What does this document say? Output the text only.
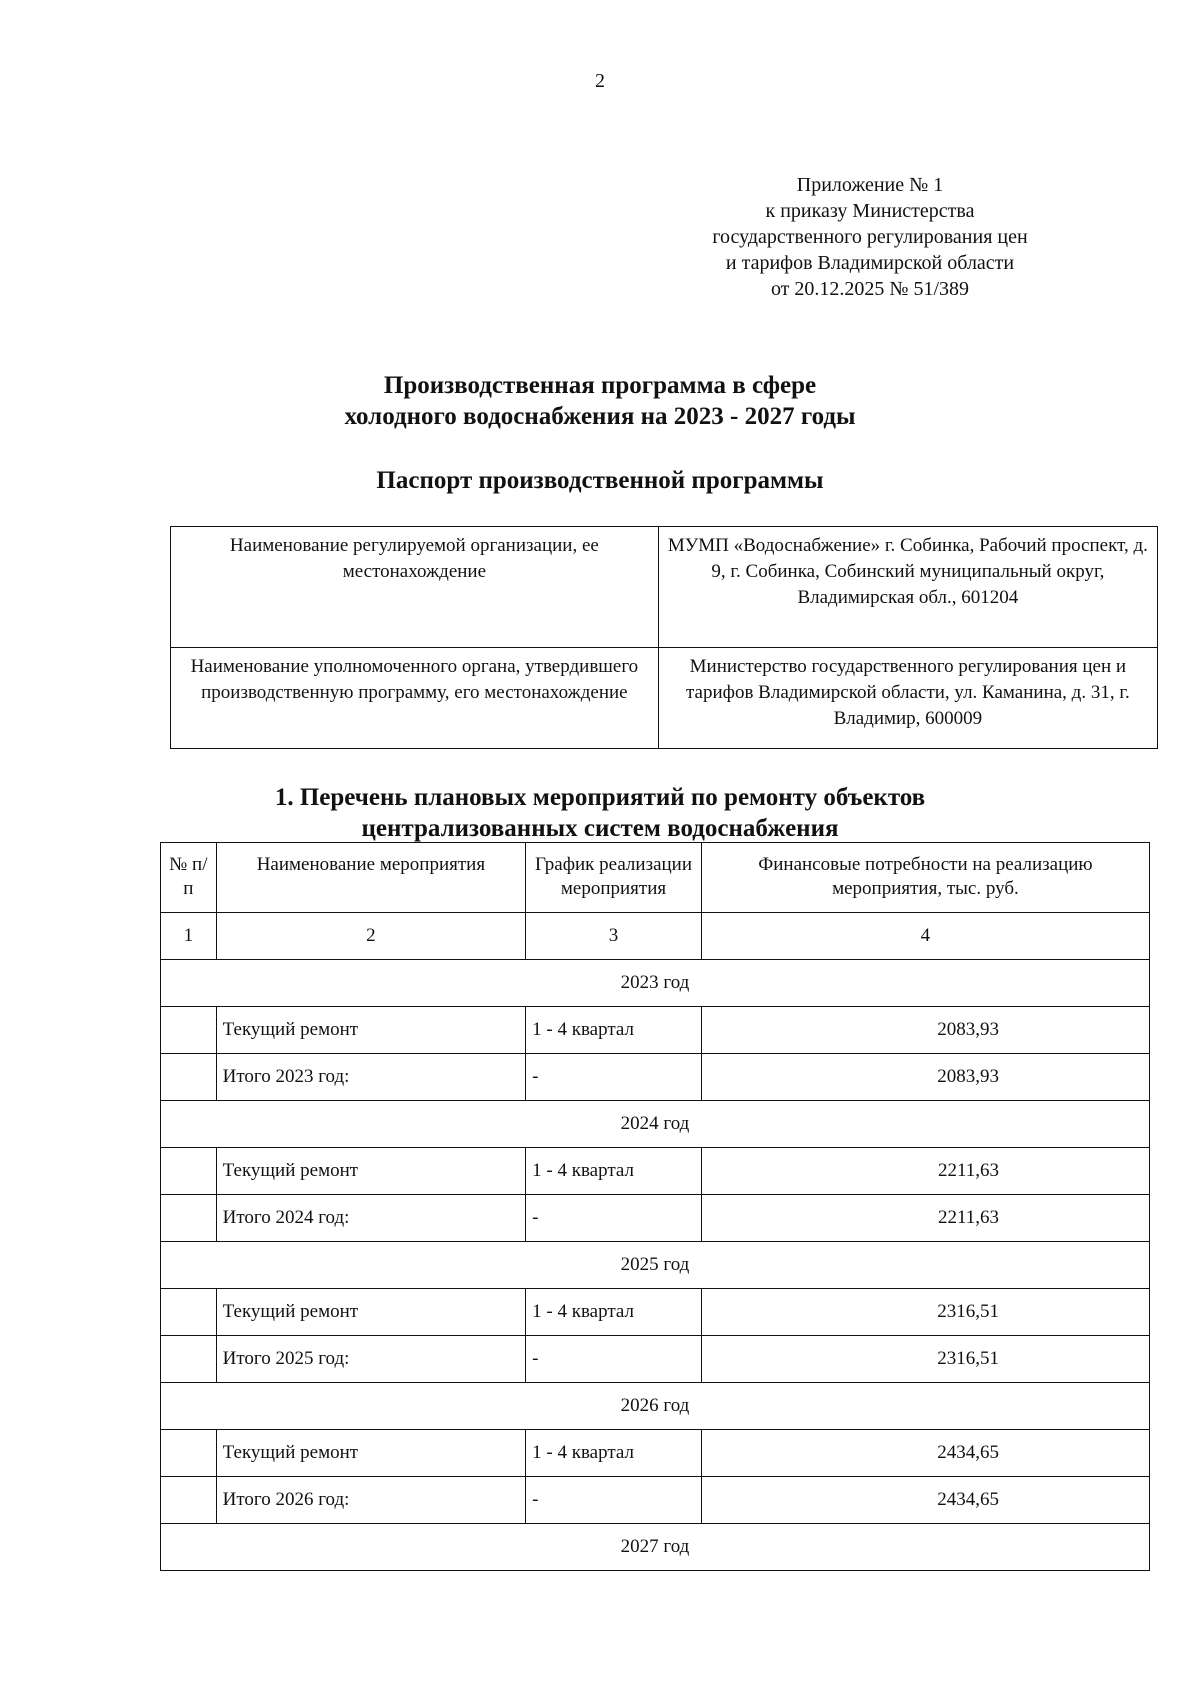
2
Приложение № 1
к приказу Министерства
государственного регулирования цен
и тарифов Владимирской области
от 20.12.2025 № 51/389
Производственная программа в сфере
холодного водоснабжения на 2023 - 2027 годы
Паспорт производственной программы
Наименование регулируемой организации, ее местонахождение	МУМП «Водоснабжение» г. Собинка, Рабочий проспект, д. 9, г. Собинка, Собинский муниципальный округ, Владимирская обл., 601204
Наименование уполномоченного органа, утвердившего производственную программу, его местонахождение	Министерство государственного регулирования цен и тарифов Владимирской области, ул. Каманина, д. 31, г. Владимир, 600009
1. Перечень плановых мероприятий по ремонту объектов
централизованных систем водоснабжения
№ п/п	Наименование мероприятия	График реализации мероприятия	Финансовые потребности на реализацию мероприятия, тыс. руб.
1	2	3	4
2023 год			
	Текущий ремонт	1 - 4 квартал	2083,93
	Итого 2023 год:	-	2083,93
2024 год			
	Текущий ремонт	1 - 4 квартал	2211,63
	Итого 2024 год:	-	2211,63
2025 год			
	Текущий ремонт	1 - 4 квартал	2316,51
	Итого 2025 год:	-	2316,51
2026 год			
	Текущий ремонт	1 - 4 квартал	2434,65
	Итого 2026 год:	-	2434,65
2027 год			
